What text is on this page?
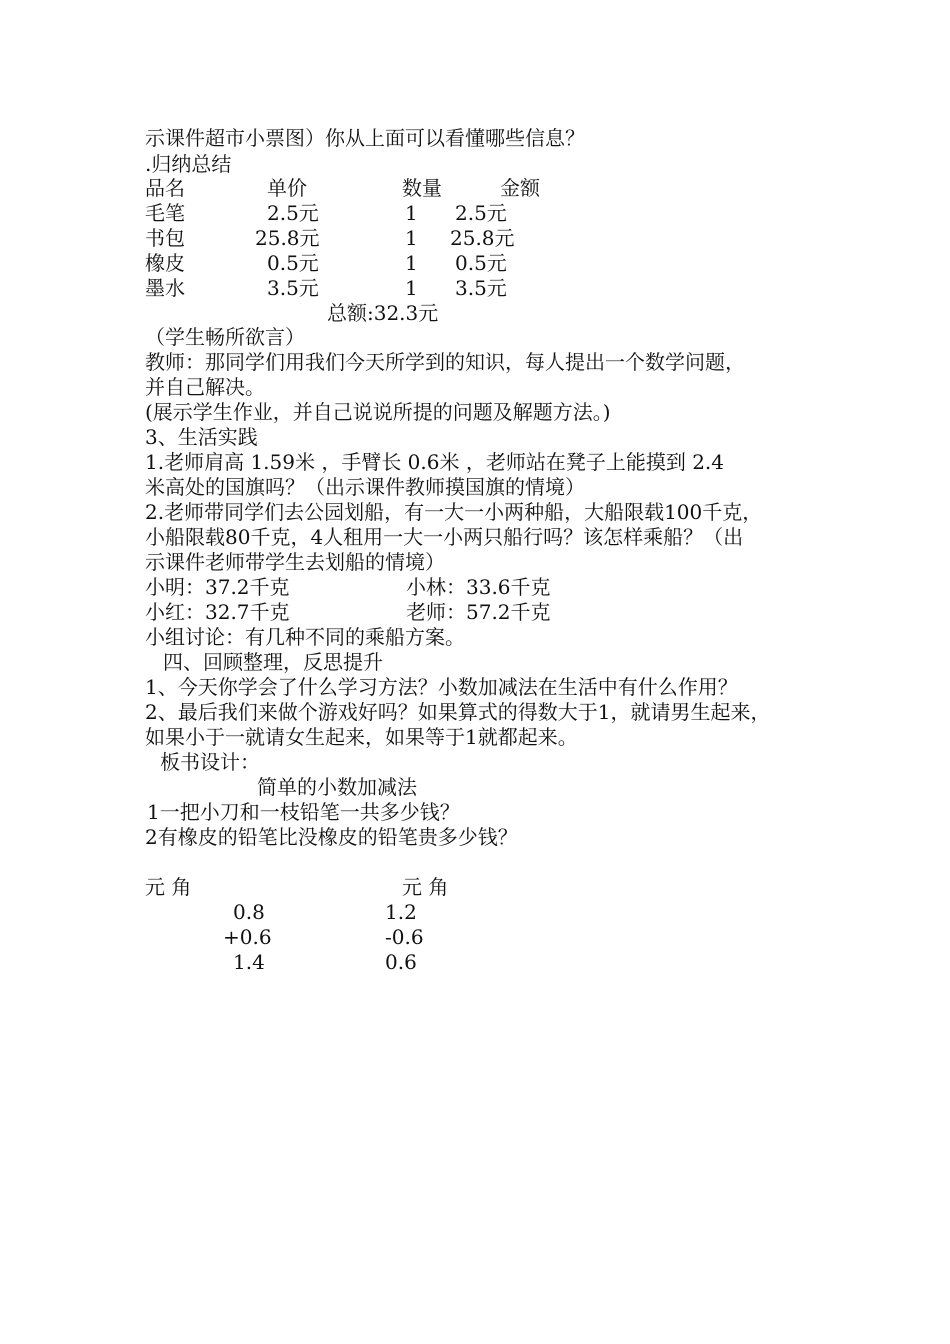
示课件超市小票图）你从上面可以看懂哪些信息？
.归纳总结
品名	单价	数量	金额
毛笔	2.5元	1 2.5元
书包	25.8元	1 25.8元
橡皮	0.5元	1 0.5元
墨水	3.5元	1 3.5元
总额:32.3元
（学生畅所欲言）
教师：那同学们用我们今天所学到的知识，每人提出一个数学问题，
并自己解决。
(展示学生作业，并自己说说所提的问题及解题方法。)
3、生活实践
1.老师肩高 1.59米 ，手臂长 0.6米 ，老师站在凳子上能摸到 2.4
米高处的国旗吗？（出示课件教师摸国旗的情境）
2.老师带同学们去公园划船，有一大一小两种船，大船限载100千克，
小船限载80千克，4人租用一大一小两只船行吗？该怎样乘船？（出
示课件老师带学生去划船的情境）
小明：37.2千克	小林：33.6千克
小红：32.7千克	老师：57.2千克
小组讨论：有几种不同的乘船方案。
四、回顾整理，反思提升
1、今天你学会了什么学习方法？小数加减法在生活中有什么作用？
2、最后我们来做个游戏好吗？如果算式的得数大于1，就请男生起来，
如果小于一就请女生起来，如果等于1就都起来。
板书设计：
简单的小数加减法
1一把小刀和一枝铅笔一共多少钱？
2有橡皮的铅笔比没橡皮的铅笔贵多少钱？
元 角
0.8
+0.6
1.4
元 角
1.2
-0.6
0.6
